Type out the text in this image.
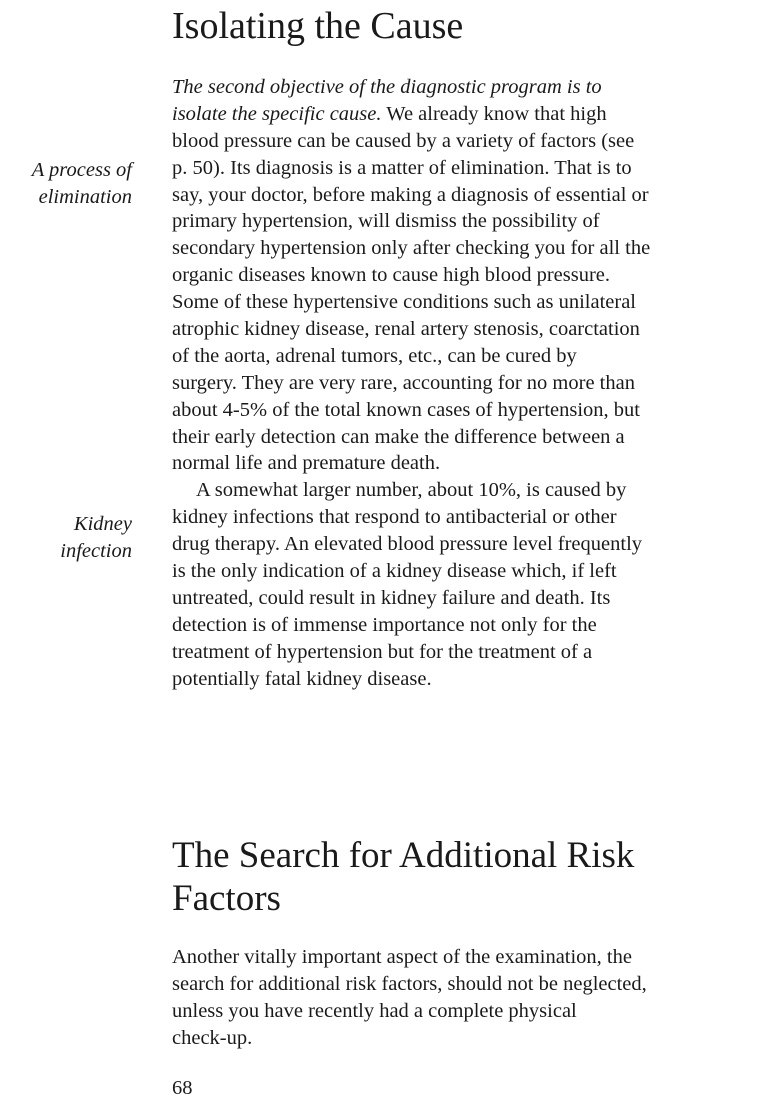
Isolating the Cause
A process of
elimination
Kidney
infection
The second objective of the diagnostic program is to
isolate the specific cause. We already know that high
blood pressure can be caused by a variety of factors (see
p. 50). Its diagnosis is a matter of elimination. That is to
say, your doctor, before making a diagnosis of essential or
primary hypertension, will dismiss the possibility of
secondary hypertension only after checking you for all the
organic diseases known to cause high blood pressure.
Some of these hypertensive conditions such as unilateral
atrophic kidney disease, renal artery stenosis, coarctation
of the aorta, adrenal tumors, etc., can be cured by
surgery. They are very rare, accounting for no more than
about 4-5% of the total known cases of hypertension, but
their early detection can make the difference between a
normal life and premature death.
A somewhat larger number, about 10%, is caused by
kidney infections that respond to antibacterial or other
drug therapy. An elevated blood pressure level frequently
is the only indication of a kidney disease which, if left
untreated, could result in kidney failure and death. Its
detection is of immense importance not only for the
treatment of hypertension but for the treatment of a
potentially fatal kidney disease.
The Search for Additional Risk
Factors
Another vitally important aspect of the examination, the
search for additional risk factors, should not be neglected,
unless you have recently had a complete physical
check-up.
68
